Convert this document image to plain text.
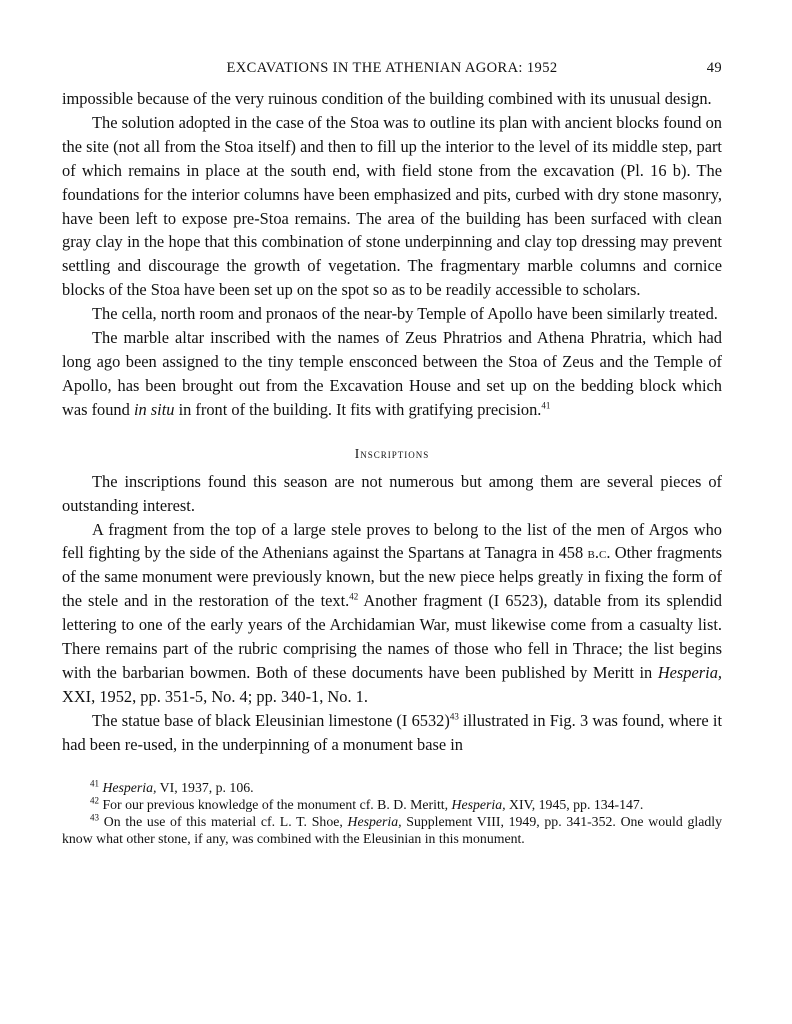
EXCAVATIONS IN THE ATHENIAN AGORA: 1952	49

impossible because of the very ruinous condition of the building combined with its unusual design.

The solution adopted in the case of the Stoa was to outline its plan with ancient blocks found on the site (not all from the Stoa itself) and then to fill up the interior to the level of its middle step, part of which remains in place at the south end, with field stone from the excavation (Pl. 16 b). The foundations for the interior columns have been emphasized and pits, curbed with dry stone masonry, have been left to expose pre-Stoa remains. The area of the building has been surfaced with clean gray clay in the hope that this combination of stone underpinning and clay top dressing may prevent settling and discourage the growth of vegetation. The fragmentary marble columns and cornice blocks of the Stoa have been set up on the spot so as to be readily accessible to scholars.

The cella, north room and pronaos of the near-by Temple of Apollo have been similarly treated.

The marble altar inscribed with the names of Zeus Phratrios and Athena Phratria, which had long ago been assigned to the tiny temple ensconced between the Stoa of Zeus and the Temple of Apollo, has been brought out from the Excavation House and set up on the bedding block which was found in situ in front of the building. It fits with gratifying precision.$^{41}$

Inscriptions

The inscriptions found this season are not numerous but among them are several pieces of outstanding interest.

A fragment from the top of a large stele proves to belong to the list of the men of Argos who fell fighting by the side of the Athenians against the Spartans at Tanagra in 458 b.c. Other fragments of the same monument were previously known, but the new piece helps greatly in fixing the form of the stele and in the restoration of the text.$^{42}$ Another fragment (I 6523), datable from its splendid lettering to one of the early years of the Archidamian War, must likewise come from a casualty list. There remains part of the rubric comprising the names of those who fell in Thrace; the list begins with the barbarian bowmen. Both of these documents have been published by Meritt in Hesperia, XXI, 1952, pp. 351-5, No. 4; pp. 340-1, No. 1.

The statue base of black Eleusinian limestone (I 6532)$^{43}$ illustrated in Fig. 3 was found, where it had been re-used, in the underpinning of a monument base in

$^{41}$ Hesperia, VI, 1937, p. 106.

$^{42}$ For our previous knowledge of the monument cf. B. D. Meritt, Hesperia, XIV, 1945, pp. 134-147.

$^{43}$ On the use of this material cf. L. T. Shoe, Hesperia, Supplement VIII, 1949, pp. 341-352. One would gladly know what other stone, if any, was combined with the Eleusinian in this monument.
